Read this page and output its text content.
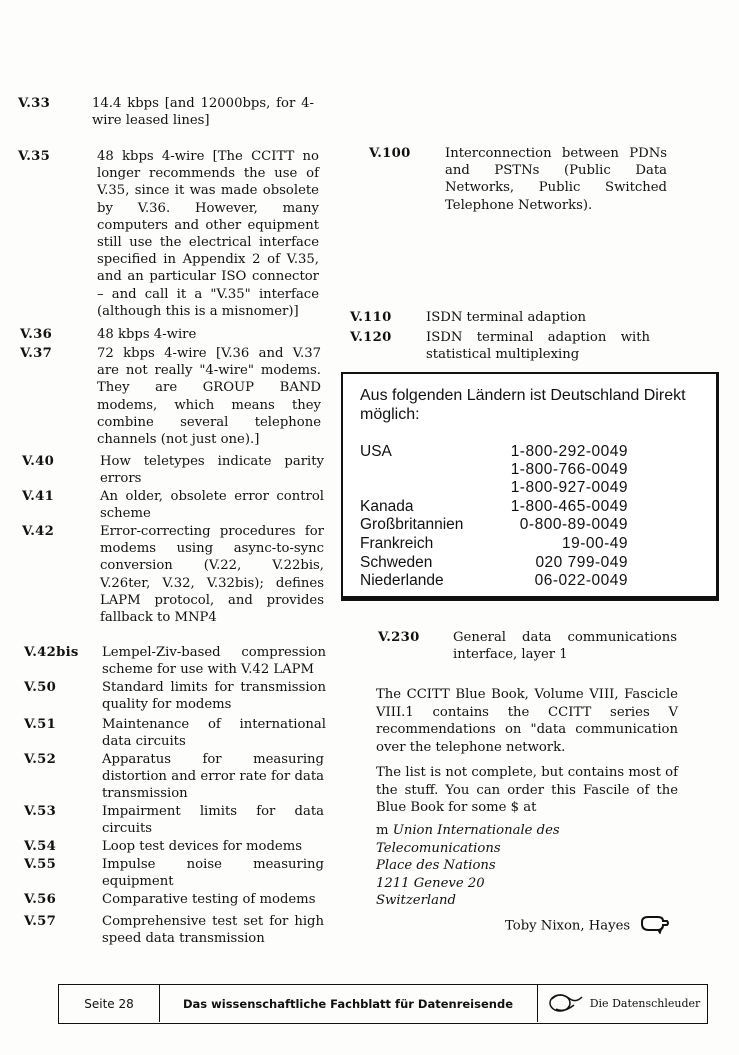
V.33	14.4 kbps [and 12000bps, for 4-wire leased lines]
V.35	48 kbps 4-wire [The CCITT no longer recommends the use of V.35, since it was made obsolete by V.36. However, many computers and other equipment still use the electrical interface specified in Appendix 2 of V.35, and an particular ISO connector – and call it a "V.35" interface (although this is a misnomer)]
V.36	48 kbps 4-wire
V.37	72 kbps 4-wire [V.36 and V.37 are not really "4-wire" modems. They are GROUP BAND modems, which means they combine several telephone channels (not just one).]
V.40	How teletypes indicate parity errors
V.41	An older, obsolete error control scheme
V.42	Error-correcting procedures for modems using async-to-sync conversion (V.22, V.22bis, V.26ter, V.32, V.32bis); defines LAPM protocol, and provides fallback to MNP4
V.42bis Lempel-Ziv-based compression scheme for use with V.42 LAPM
V.50	Standard limits for transmission quality for modems
V.51	Maintenance of international data circuits
V.52	Apparatus for measuring distortion and error rate for data transmission
V.53	Impairment limits for data circuits
V.54	Loop test devices for modems
V.55	Impulse noise measuring equipment
V.56	Comparative testing of modems
V.57	Comprehensive test set for high speed data transmission
V.100	Interconnection between PDNs and PSTNs (Public Data Networks, Public Switched Telephone Networks).
V.110	ISDN terminal adaption
V.120	ISDN terminal adaption with statistical multiplexing
Aus folgenden Ländern ist Deutschland Direkt möglich:
USA	1-800-292-0049
1-800-766-0049
1-800-927-0049
Kanada	1-800-465-0049
Großbritannien	0-800-89-0049
Frankreich	19-00-49
Schweden	020 799-049
Niederlande	06-022-0049
V.230	General data communications interface, layer 1
The CCITT Blue Book, Volume VIII, Fascicle VIII.1 contains the CCITT series V recommendations on "data communication over the telephone network.
The list is not complete, but contains most of the stuff. You can order this Fascile of the Blue Book for some $ at
m Union Internationale des Telecomunications
Place des Nations
1211 Geneve 20
Switzerland
Toby Nixon, Hayes
Seite 28	Das wissenschaftliche Fachblatt für Datenreisende	Die Datenschleuder
